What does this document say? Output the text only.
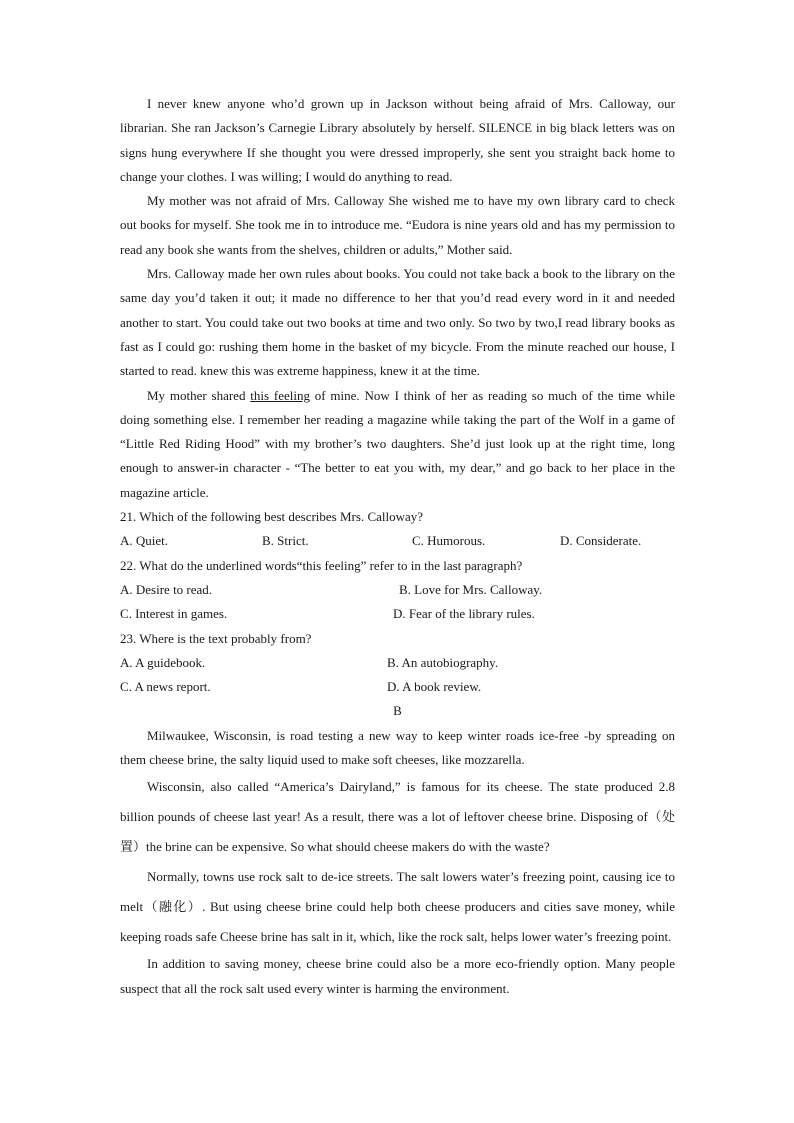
I never knew anyone who’d grown up in Jackson without being afraid of Mrs. Calloway, our librarian. She ran Jackson’s Carnegie Library absolutely by herself. SILENCE in big black letters was on signs hung everywhere If she thought you were dressed improperly, she sent you straight back home to change your clothes. I was willing; I would do anything to read.

My mother was not afraid of Mrs. Calloway She wished me to have my own library card to check out books for myself. She took me in to introduce me. “Eudora is nine years old and has my permission to read any book she wants from the shelves, children or adults,” Mother said.

Mrs. Calloway made her own rules about books. You could not take back a book to the library on the same day you’d taken it out; it made no difference to her that you’d read every word in it and needed another to start. You could take out two books at time and two only. So two by two,I read library books as fast as I could go: rushing them home in the basket of my bicycle. From the minute reached our house, I started to read. knew this was extreme happiness, knew it at the time.

My mother shared this feeling of mine. Now I think of her as reading so much of the time while doing something else. I remember her reading a magazine while taking the part of the Wolf in a game of “Little Red Riding Hood” with my brother’s two daughters. She’d just look up at the right time, long enough to answer-in character - “The better to eat you with, my dear,” and go back to her place in the magazine article.

21. Which of the following best describes Mrs. Calloway?

A. Quiet.	B. Strict.	C. Humorous.	D. Considerate.

22. What do the underlined words“this feeling” refer to in the last paragraph?

A. Desire to read.	B. Love for Mrs. Calloway.
C. Interest in games.	D. Fear of the library rules.

23. Where is the text probably from?

A. A guidebook.	B. An autobiography.
C. A news report.	D. A book review.

B

Milwaukee, Wisconsin, is road testing a new way to keep winter roads ice-free -by spreading on them cheese brine, the salty liquid used to make soft cheeses, like mozzarella.

Wisconsin, also called “America’s Dairyland,” is famous for its cheese. The state produced 2.8 billion pounds of cheese last year! As a result, there was a lot of leftover cheese brine. Disposing of（处置）the brine can be expensive. So what should cheese makers do with the waste?

Normally, towns use rock salt to de-ice streets. The salt lowers water’s freezing point, causing ice to melt（融化）. But using cheese brine could help both cheese producers and cities save money, while keeping roads safe Cheese brine has salt in it, which, like the rock salt, helps lower water’s freezing point.

In addition to saving money, cheese brine could also be a more eco-friendly option. Many people suspect that all the rock salt used every winter is harming the environment.
